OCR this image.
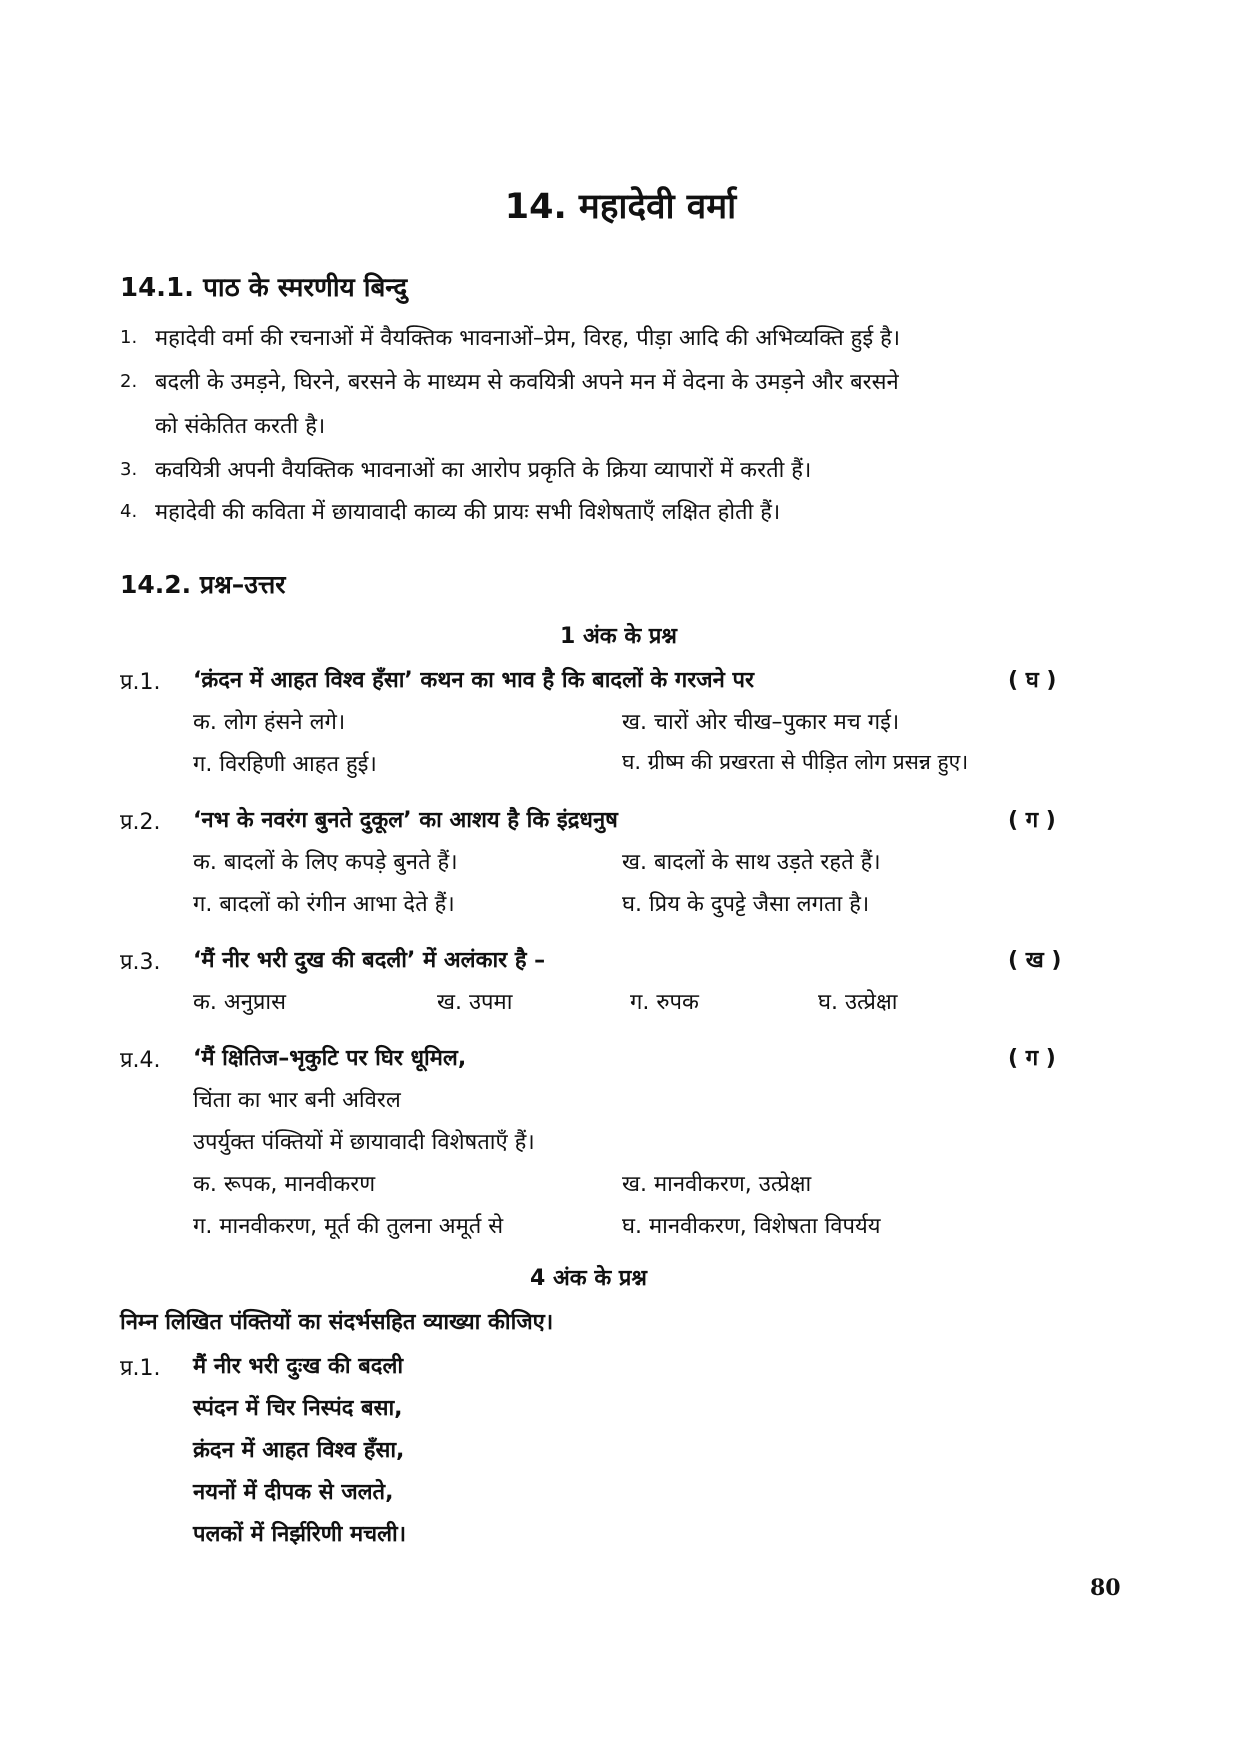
14. महादेवी वर्मा
14.1. पाठ के स्मरणीय बिन्दु
1. महादेवी वर्मा की रचनाओं में वैयक्तिक भावनाओं–प्रेम, विरह, पीड़ा आदि की अभिव्यक्ति हुई है।
2. बदली के उमड़ने, घिरने, बरसने के माध्यम से कवयित्री अपने मन में वेदना के उमड़ने और बरसने
को संकेतित करती है।
3. कवयित्री अपनी वैयक्तिक भावनाओं का आरोप प्रकृति के क्रिया व्यापारों में करती हैं।
4. महादेवी की कविता में छायावादी काव्य की प्रायः सभी विशेषताएँ लक्षित होती हैं।
14.2. प्रश्न–उत्तर
1 अंक के प्रश्न
प्र.1. ‘क्रंदन में आहत विश्व हँसा’ कथन का भाव है कि बादलों के गरजने पर	( घ )
क. लोग हंसने लगे।	ख. चारों ओर चीख–पुकार मच गई।
ग. विरहिणी आहत हुई।	घ. ग्रीष्म की प्रखरता से पीड़ित लोग प्रसन्न हुए।
प्र.2. ‘नभ के नवरंग बुनते दुकूल’ का आशय है कि इंद्रधनुष	( ग )
क. बादलों के लिए कपड़े बुनते हैं।	ख. बादलों के साथ उड़ते रहते हैं।
ग. बादलों को रंगीन आभा देते हैं।	घ. प्रिय के दुपट्टे जैसा लगता है।
प्र.3. ‘मैं नीर भरी दुख की बदली’ में अलंकार है –	( ख )
क. अनुप्रास	ख. उपमा	ग. रुपक	घ. उत्प्रेक्षा
प्र.4. ‘मैं क्षितिज–भृकुटि पर घिर धूमिल,	( ग )
चिंता का भार बनी अविरल
उपर्युक्त पंक्तियों में छायावादी विशेषताएँ हैं।
क. रूपक, मानवीकरण	ख. मानवीकरण, उत्प्रेक्षा
ग. मानवीकरण, मूर्त की तुलना अमूर्त से	घ. मानवीकरण, विशेषता विपर्यय
4 अंक के प्रश्न
निम्न लिखित पंक्तियों का संदर्भसहित व्याख्या कीजिए।
प्र.1. मैं नीर भरी दुःख की बदली
स्पंदन में चिर निस्पंद बसा,
क्रंदन में आहत विश्व हँसा,
नयनों में दीपक से जलते,
पलकों में निर्झरिणी मचली।
80
